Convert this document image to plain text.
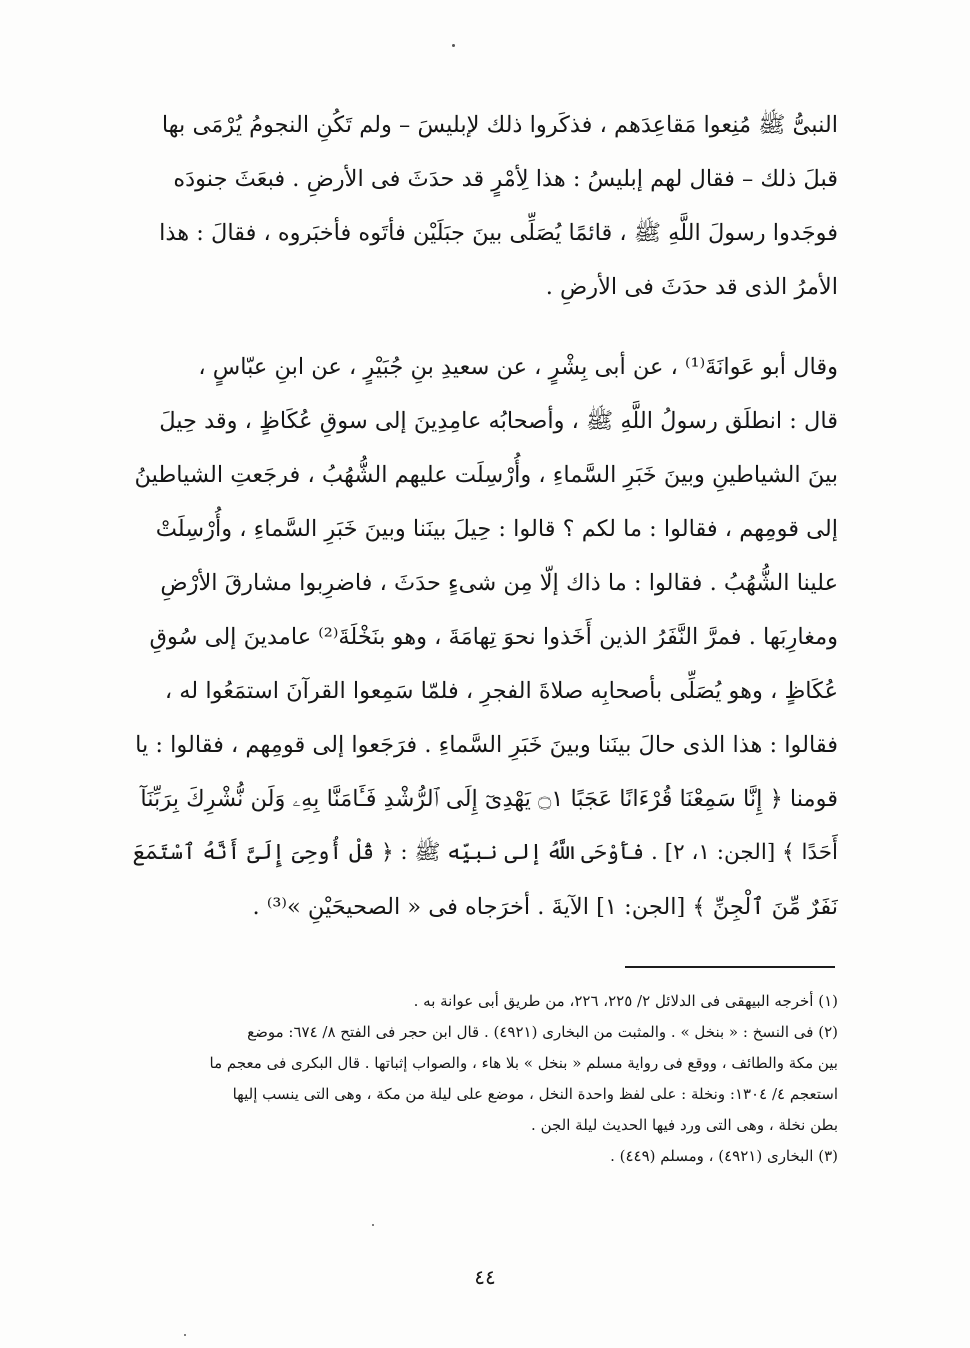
النبىُّ ﷺ مُنِعوا مَقاعِدَهم ، فذكَروا ذلك لإبليسَ – ولم تَكُنِ النجومُ يُرْمَى بها
قبلَ ذلك – فقال لهم إبليسُ : هذا لِأمْرٍ قد حدَثَ فى الأرضِ . فبعَثَ جنودَه
فوجَدوا رسولَ اللَّهِ ﷺ ، قائمًا يُصَلِّى بينَ جبَلَيْن فأتَوه فأخبَروه ، فقالَ : هذا
الأمرُ الذى قد حدَثَ فى الأرضِ .
وقال أبو عَوانَةَ⁽¹⁾ ، عن أبى بِشْرٍ ، عن سعيدِ بنِ جُبَيْرٍ ، عن ابنِ عبّاسٍ ،
قال : انطلَق رسولُ اللَّهِ ﷺ ، وأصحابُه عامِدِينَ إلى سوقِ عُكَاظٍ ، وقد حِيلَ
بينَ الشياطينِ وبينَ خَبَرِ السَّماءِ ، وأُرْسِلَت عليهم الشُّهُبُ ، فرجَعتِ الشياطينُ
إلى قومِهم ، فقالوا : ما لكم ؟ قالوا : حِيلَ بينَنا وبينَ خَبَرِ السَّماءِ ، وأُرْسِلَتْ
علينا الشُّهُبُ . فقالوا : ما ذاك إلّا مِن شىءٍ حدَثَ ، فاضرِبوا مشارقَ الأرْضِ
ومغارِبَها . فمرَّ النَّفَرُ الذين أَخَذوا نحوَ تِهامَةَ ، وهو بنَخْلَةَ⁽²⁾ عامدينَ إلى سُوقِ
عُكَاظٍ ، وهو يُصَلِّى بأصحابِه صلاةَ الفجرِ ، فلمّا سَمِعوا القرآنَ استمَعُوا له ،
فقالوا : هذا الذى حالَ بينَنا وبينَ خَبَرِ السَّماءِ . فرَجَعوا إلى قومِهم ، فقالوا : يا
قومنا ﴿ إِنَّا سَمِعْنَا قُرْءَانًا عَجَبًا ۝١ يَهْدِىٓ إِلَى ٱلرُّشْدِ فَـَٔامَنَّا بِهِۦ وَلَن نُّشْرِكَ بِرَبِّنَآ
أَحَدًا ﴾ [الجن: ١، ٢] . فأَوْحَى اللَّهُ إلى نبيِّه ﷺ : ﴿ قُلْ أُوحِىَ إِلَىَّ أَنَّهُ ٱسْتَمَعَ
نَفَرٌ مِّنَ ٱلْجِنِّ ﴾ [الجن: ١] الآيةَ . أخرَجاه فى « الصحيحَيْنِ »⁽³⁾ .
(١) أخرجه البيهقى فى الدلائل ٢/ ٢٢٥، ٢٢٦، من طريق أبى عوانة به .
(٢) فى النسخ : « بنخل » . والمثبت من البخارى (٤٩٢١) . قال ابن حجر فى الفتح ٨/ ٦٧٤: موضع
بين مكة والطائف ، ووقع فى رواية مسلم « بنخل » بلا هاء ، والصواب إثباتها . قال البكرى فى معجم ما
استعجم ٤/ ١٣٠٤: ونخلة : على لفظ واحدة النخل ، موضع على ليلة من مكة ، وهى التى ينسب إليها
بطن نخلة ، وهى التى ورد فيها الحديث ليلة الجن .
(٣) البخارى (٤٩٢١) ، ومسلم (٤٤٩) .
٤٤
